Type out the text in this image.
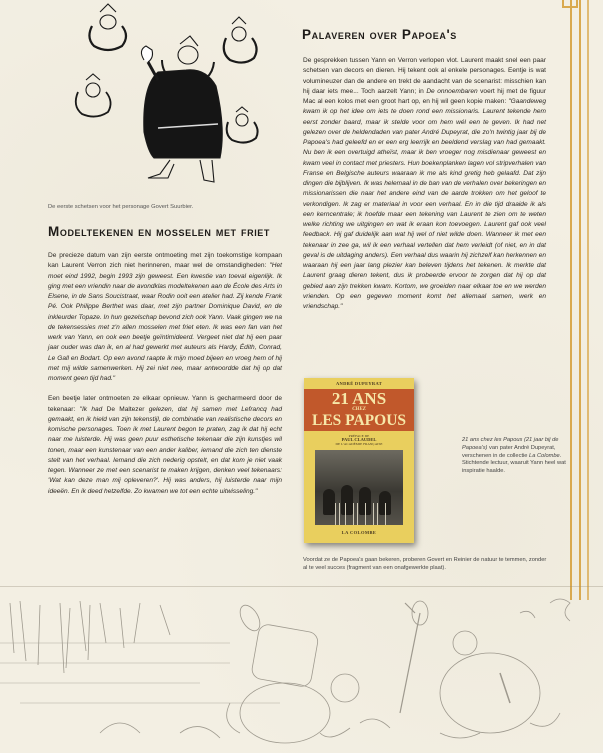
De eerste schetsen voor het personage Govert Suurbier.
Modeltekenen en mosselen met friet

De precieze datum van zijn eerste ontmoeting met zijn toekomstige kompaan kan Laurent Verron zich niet herinneren, maar wel de omstandigheden: "Het moet eind 1992, begin 1993 zijn geweest. Een kwestie van toeval eigenlijk. Ik ging met een vriendin naar de avondklas modeltekenen aan de École des Arts in Elsene, in de Sans Soucistraat, waar Rodin ooit een atelier had. Zij kende Frank Pé. Ook Philippe Berthet was daar, met zijn partner Dominique David, en de inkleurder Topaze. In hun gezelschap bevond zich ook Yann. Vaak gingen we na de tekensessies met z'n allen mosselen met friet eten. Ik was een fan van het werk van Yann, en ook een beetje geïntimideerd. Vergeet niet dat hij een paar jaar ouder was dan ik, en al had gewerkt met auteurs als Hardy, Édith, Conrad, Le Gall en Bodart. Op een avond raapte ik mijn moed bijeen en vroeg hem of hij met mij wilde samenwerken. Hij zei niet nee, maar antwoordde dat hij op dat moment geen tijd had."

Een beetje later ontmoeten ze elkaar opnieuw. Yann is gecharmeerd door de tekenaar: "Ik had De Maltezer gelezen, dat hij samen met Lefrancq had gemaakt, en ik hield van zijn tekenstijl, de combinatie van realistische decors en komische personages. Toen ik met Laurent begon te praten, zag ik dat hij echt naar me luisterde. Hij was geen puur esthetische tekenaar die zijn kunstjes wil tonen, maar een kunstenaar van een ander kaliber, iemand die zich ten dienste stelt van het verhaal. Iemand die zich nederig opstelt, en dat kom je niet vaak tegen. Wanneer ze met een scenarist te maken krijgen, denken veel tekenaars: 'Wat kan deze man mij opleveren?'. Hij was anders, hij luisterde naar mijn ideeën. En ik deed hetzelfde. Zo kwamen we tot een echte uitwisseling."

Palaveren over Papoea's

De gesprekken tussen Yann en Verron verlopen vlot. Laurent maakt snel een paar schetsen van decors en dieren. Hij tekent ook al enkele personages. Eentje is wat volumineuzer dan de andere en trekt de aandacht van de scenarist: misschien kan hij daar iets mee... Toch aarzelt Yann; in De onnoembaren voert hij met de figuur Mac al een kolos met een groot hart op, en hij wil geen kopie maken: "Gaandeweg kwam ik op het idee om iets te doen rond een missionaris. Laurent tekende hem eerst zonder baard, maar ik stelde voor om hem wél een te geven. Ik had net gelezen over de heldendaden van pater André Dupeyrat, die zo'n twintig jaar bij de Papoea's had geleefd en er een erg leerrijk en beeldend verslag van had gemaakt. Nu ben ik een overtuigd atheïst, maar ik ben vroeger nog misdienaar geweest en kwam veel in contact met priesters. Hun boekenplanken lagen vol stripverhalen van Franse en Belgische auteurs waaraan ik me als kind gretig heb gelaafd. Dat zijn dingen die bijblijven. Ik was helemaal in de ban van de verhalen over bekeringen en missionarissen die naar het andere eind van de aarde trokken om het geloof te verkondigen. Ik zag er materiaal in voor een verhaal. En in die tijd draaide ik als een kerncentrale; ik hoefde maar een tekening van Laurent te zien om te weten welke richting we uitgingen en wat ik eraan kon toevoegen. Laurent gaf ook veel feedback. Hij gaf duidelijk aan wat hij wel of niet wilde doen. Wanneer ik met een tekenaar in zee ga, wil ik een verhaal vertellen dat hem verleidt (of niet, en in dat geval is de uitdaging anders). Een verhaal dus waarin hij zichzelf kan herkennen en waaraan hij een jaar lang plezier kan beleven tijdens het tekenen. Ik merkte dat Laurent graag dieren tekent, dus ik probeerde ervoor te zorgen dat hij op dat gebied aan zijn trekken kwam. Kortom, we groeiden naar elkaar toe en we werden vrienden. Op een gegeven moment komt het allemaal samen, werk en vriendschap."

ANDRÉ DUPEYRAT
21 ANS
CHEZ
LES PAPOUS
PRÉFACE DE
PAUL CLAUDEL
DE L'ACADÉMIE FRANÇAISE
LA COLOMBE
21 ans chez les Papous (21 jaar bij de Papoea's) van pater André Dupeyrat, verschenen in de collectie La Colombe. Stichtende lectuur, waaruit Yann heel wat inspiratie haalde.
Voordat ze de Papoea's gaan bekeren, proberen Govert en Reinier de natuur te temmen, zonder al te veel succes (fragment van een onafgewerkte plaat).
